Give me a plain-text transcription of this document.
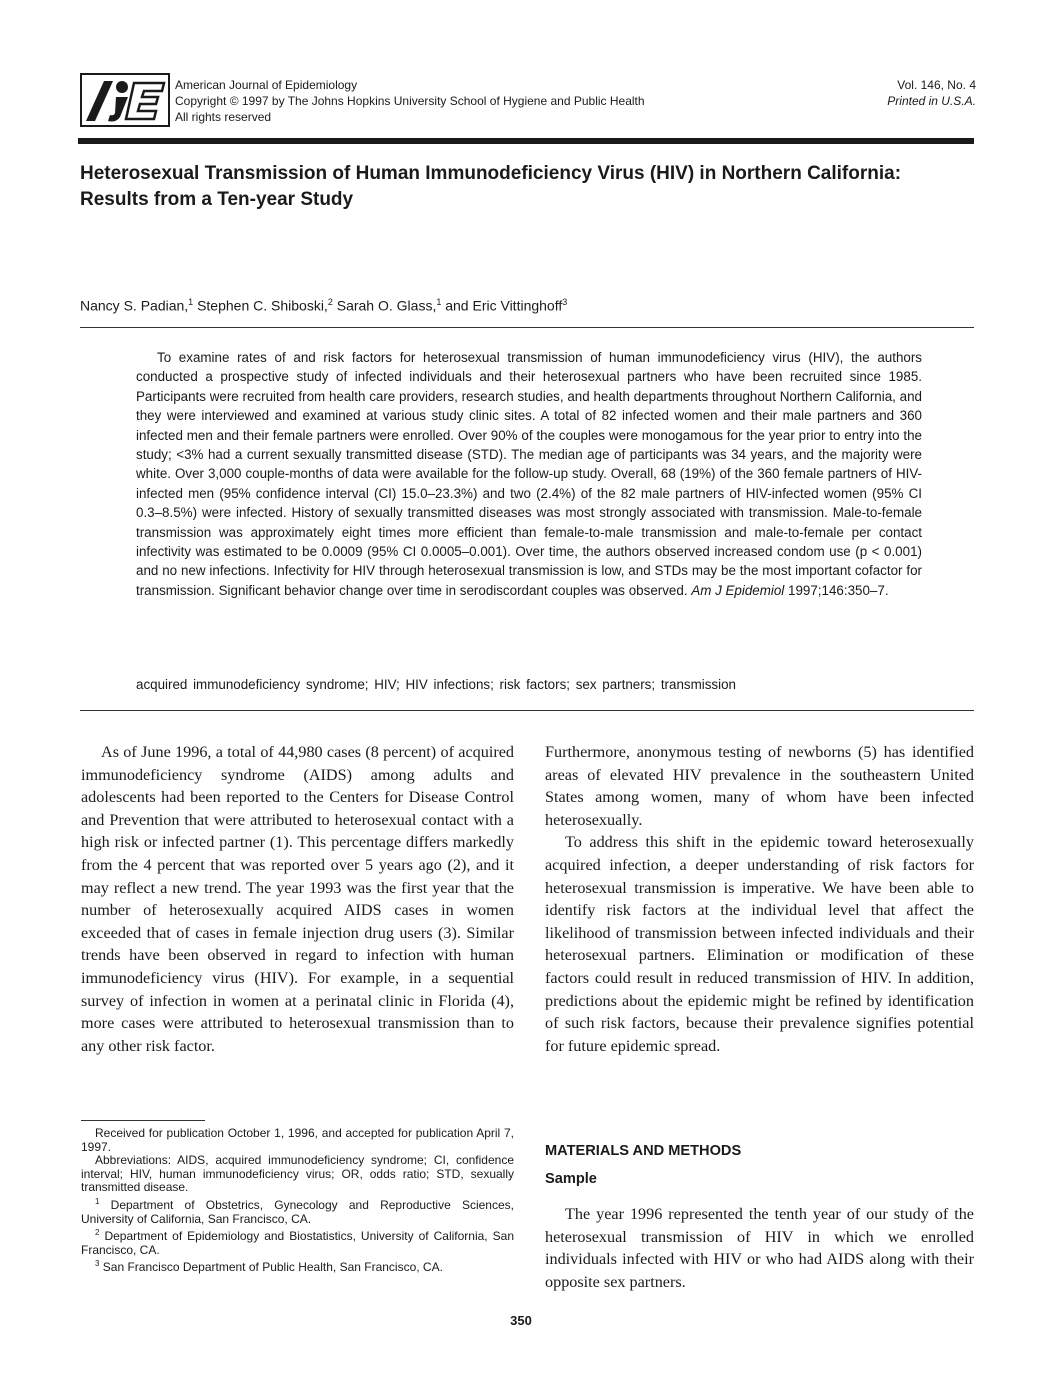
American Journal of Epidemiology
Copyright © 1997 by The Johns Hopkins University School of Hygiene and Public Health
All rights reserved
Vol. 146, No. 4
Printed in U.S.A.
Heterosexual Transmission of Human Immunodeficiency Virus (HIV) in Northern California: Results from a Ten-year Study
Nancy S. Padian,$^1$ Stephen C. Shiboski,$^2$ Sarah O. Glass,$^1$ and Eric Vittinghoff$^3$
To examine rates of and risk factors for heterosexual transmission of human immunodeficiency virus (HIV), the authors conducted a prospective study of infected individuals and their heterosexual partners who have been recruited since 1985. Participants were recruited from health care providers, research studies, and health departments throughout Northern California, and they were interviewed and examined at various study clinic sites. A total of 82 infected women and their male partners and 360 infected men and their female partners were enrolled. Over 90% of the couples were monogamous for the year prior to entry into the study; <3% had a current sexually transmitted disease (STD). The median age of participants was 34 years, and the majority were white. Over 3,000 couple-months of data were available for the follow-up study. Overall, 68 (19%) of the 360 female partners of HIV-infected men (95% confidence interval (CI) 15.0–23.3%) and two (2.4%) of the 82 male partners of HIV-infected women (95% CI 0.3–8.5%) were infected. History of sexually transmitted diseases was most strongly associated with transmission. Male-to-female transmission was approximately eight times more efficient than female-to-male transmission and male-to-female per contact infectivity was estimated to be 0.0009 (95% CI 0.0005–0.001). Over time, the authors observed increased condom use (p < 0.001) and no new infections. Infectivity for HIV through heterosexual transmission is low, and STDs may be the most important cofactor for transmission. Significant behavior change over time in serodiscordant couples was observed. Am J Epidemiol 1997;146:350–7.
acquired immunodeficiency syndrome; HIV; HIV infections; risk factors; sex partners; transmission

As of June 1996, a total of 44,980 cases (8 percent) of acquired immunodeficiency syndrome (AIDS) among adults and adolescents had been reported to the Centers for Disease Control and Prevention that were attributed to heterosexual contact with a high risk or infected partner (1). This percentage differs markedly from the 4 percent that was reported over 5 years ago (2), and it may reflect a new trend. The year 1993 was the first year that the number of heterosexually acquired AIDS cases in women exceeded that of cases in female injection drug users (3). Similar trends have been observed in regard to infection with human immunodeficiency virus (HIV). For example, in a sequential survey of infection in women at a perinatal clinic in Florida (4), more cases were attributed to heterosexual transmission than to any other risk factor.

Furthermore, anonymous testing of newborns (5) has identified areas of elevated HIV prevalence in the southeastern United States among women, many of whom have been infected heterosexually.

To address this shift in the epidemic toward heterosexually acquired infection, a deeper understanding of risk factors for heterosexual transmission is imperative. We have been able to identify risk factors at the individual level that affect the likelihood of transmission between infected individuals and their heterosexual partners. Elimination or modification of these factors could result in reduced transmission of HIV. In addition, predictions about the epidemic might be refined by identification of such risk factors, because their prevalence signifies potential for future epidemic spread.

MATERIALS AND METHODS
Sample

The year 1996 represented the tenth year of our study of the heterosexual transmission of HIV in which we enrolled individuals infected with HIV or who had AIDS along with their opposite sex partners.

Received for publication October 1, 1996, and accepted for publication April 7, 1997.

Abbreviations: AIDS, acquired immunodeficiency syndrome; CI, confidence interval; HIV, human immunodeficiency virus; OR, odds ratio; STD, sexually transmitted disease.

$^1$ Department of Obstetrics, Gynecology and Reproductive Sciences, University of California, San Francisco, CA.

$^2$ Department of Epidemiology and Biostatistics, University of California, San Francisco, CA.

$^3$ San Francisco Department of Public Health, San Francisco, CA.

350
